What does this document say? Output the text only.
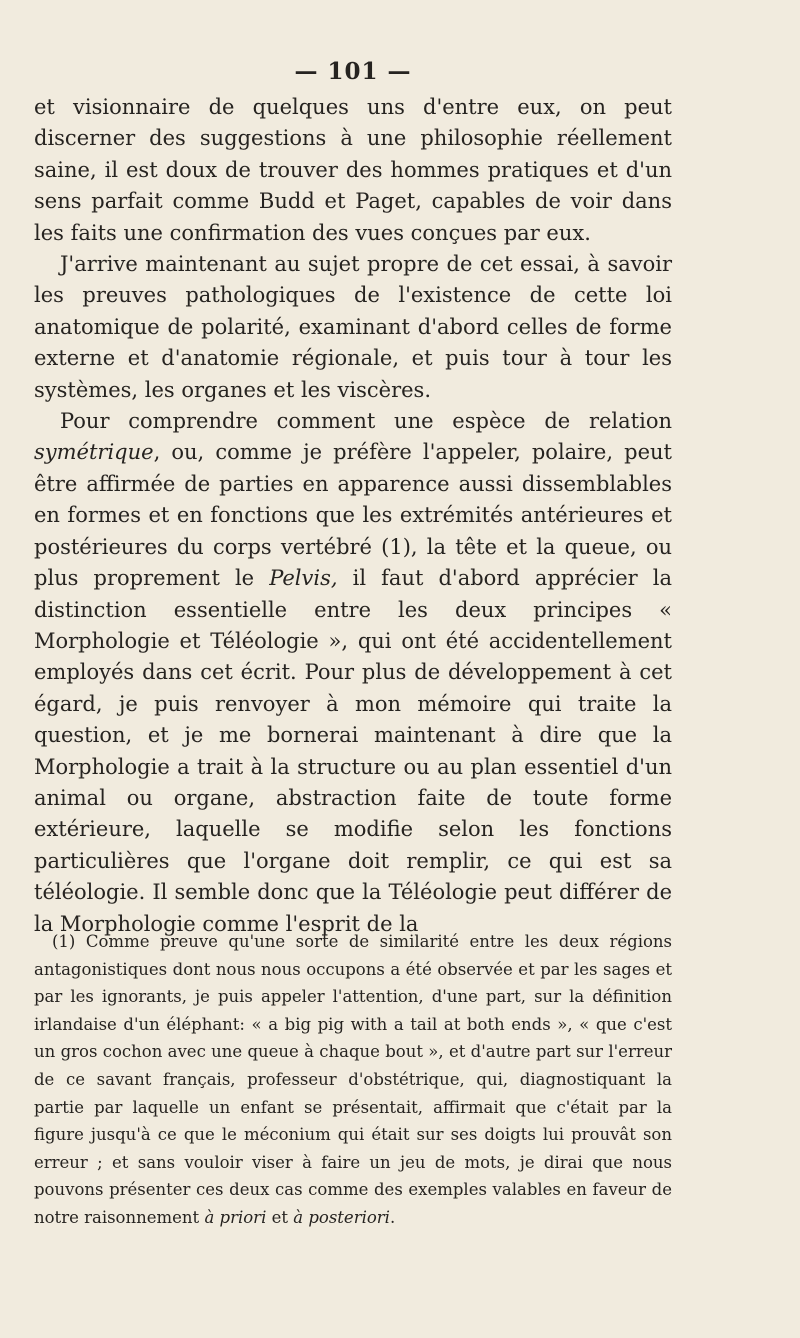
— 101 —

et visionnaire de quelques uns d'entre eux, on peut discerner des suggestions à une philosophie réellement saine, il est doux de trouver des hommes pratiques et d'un sens parfait comme Budd et Paget, capables de voir dans les faits une confirmation des vues conçues par eux.

J'arrive maintenant au sujet propre de cet essai, à savoir les preuves pathologiques de l'existence de cette loi anatomique de polarité, examinant d'abord celles de forme externe et d'anatomie régionale, et puis tour à tour les systèmes, les organes et les viscères.

Pour comprendre comment une espèce de relation symétrique, ou, comme je préfère l'appeler, polaire, peut être affirmée de parties en apparence aussi dissemblables en formes et en fonctions que les extrémités antérieures et postérieures du corps vertébré (1), la tête et la queue, ou plus proprement le Pelvis, il faut d'abord apprécier la distinction essentielle entre les deux principes « Morphologie et Téléologie », qui ont été accidentellement employés dans cet écrit. Pour plus de développement à cet égard, je puis renvoyer à mon mémoire qui traite la question, et je me bornerai maintenant à dire que la Morphologie a trait à la structure ou au plan essentiel d'un animal ou organe, abstraction faite de toute forme extérieure, laquelle se modifie selon les fonctions particulières que l'organe doit remplir, ce qui est sa téléologie. Il semble donc que la Téléologie peut différer de la Morphologie comme l'esprit de la

(1) Comme preuve qu'une sorte de similarité entre les deux régions antagonistiques dont nous nous occupons a été observée et par les sages et par les ignorants, je puis appeler l'attention, d'une part, sur la définition irlandaise d'un éléphant: « a big pig with a tail at both ends », « que c'est un gros cochon avec une queue à chaque bout », et d'autre part sur l'erreur de ce savant français, professeur d'obstétrique, qui, diagnostiquant la partie par laquelle un enfant se présentait, affirmait que c'était par la figure jusqu'à ce que le méconium qui était sur ses doigts lui prouvât son erreur ; et sans vouloir viser à faire un jeu de mots, je dirai que nous pouvons présenter ces deux cas comme des exemples valables en faveur de notre raisonnement à priori et à posteriori.
